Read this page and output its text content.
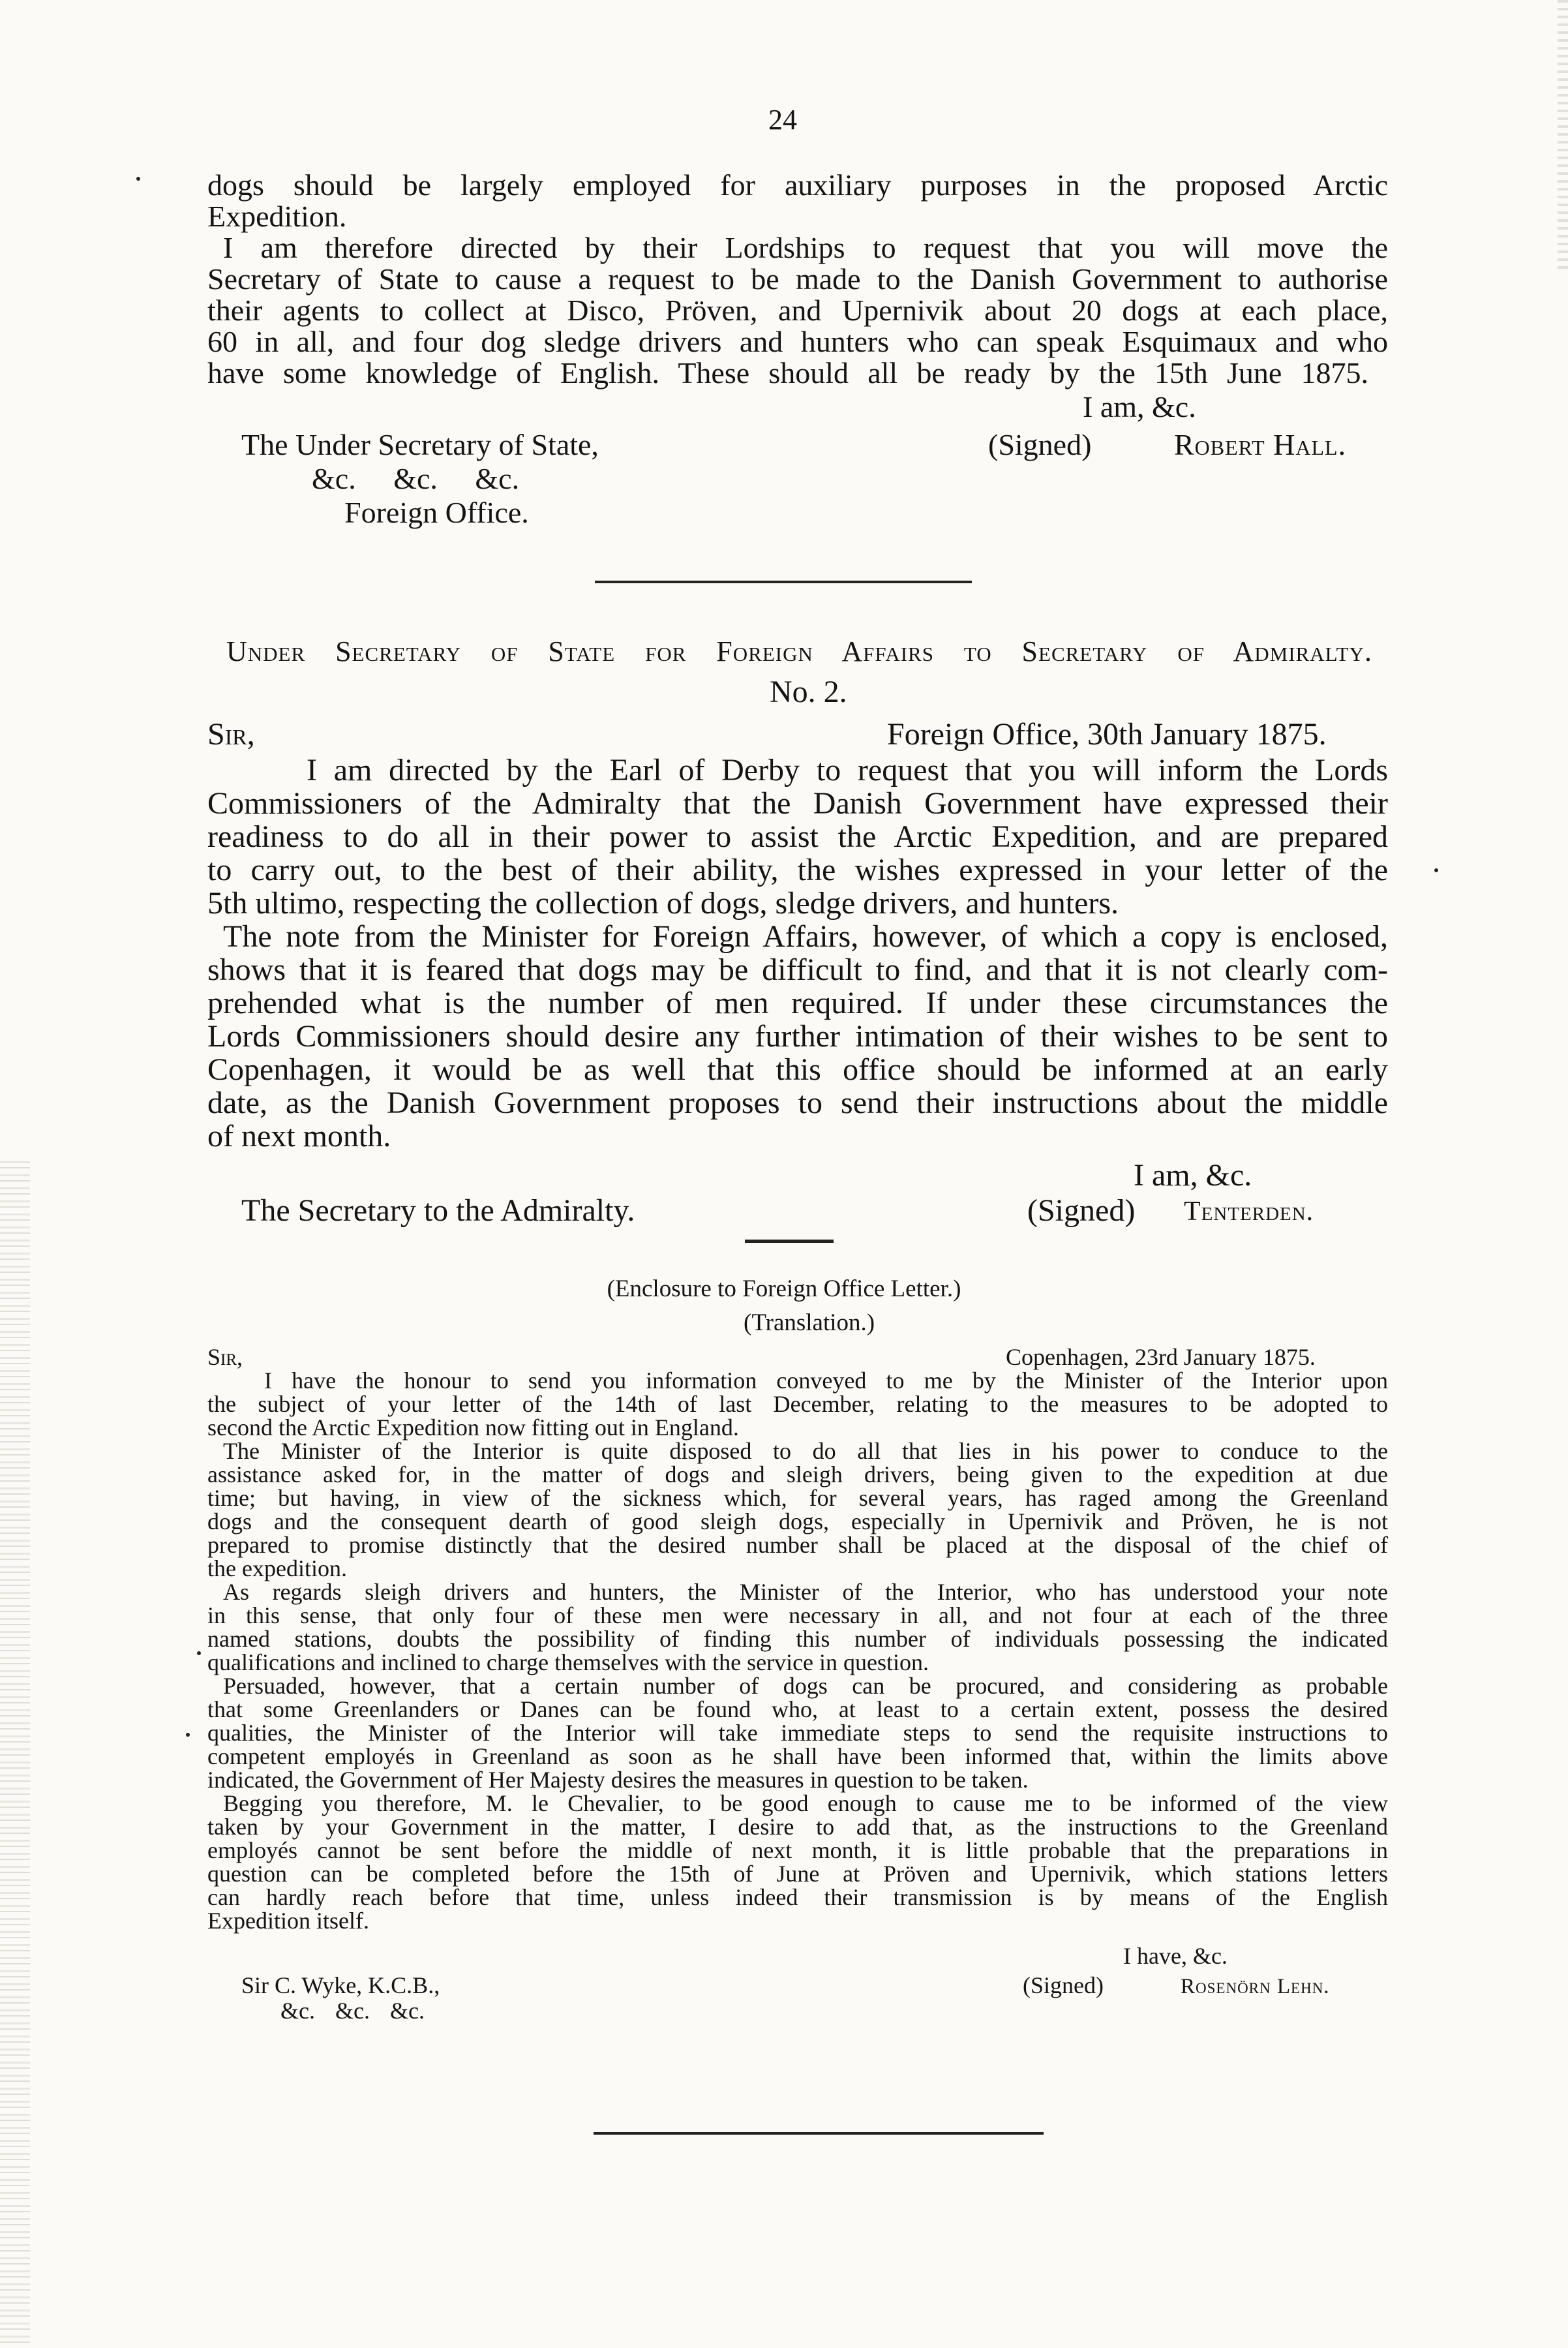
24
dogs should be largely employed for auxiliary purposes in the proposed Arctic
Expedition.
I am therefore directed by their Lordships to request that you will move the
Secretary of State to cause a request to be made to the Danish Government to authorise
their agents to collect at Disco, Pröven, and Upernivik about 20 dogs at each place,
60 in all, and four dog sledge drivers and hunters who can speak Esquimaux and who
have some knowledge of English. These should all be ready by the 15th June 1875.
I am, &c.
The Under Secretary of State,	(Signed)	Robert Hall.
&c. &c. &c.
Foreign Office.
Under Secretary of State for Foreign Affairs to Secretary of Admiralty.
No. 2.
Sir,	Foreign Office, 30th January 1875.
I am directed by the Earl of Derby to request that you will inform the Lords
Commissioners of the Admiralty that the Danish Government have expressed their
readiness to do all in their power to assist the Arctic Expedition, and are prepared
to carry out, to the best of their ability, the wishes expressed in your letter of the
5th ultimo, respecting the collection of dogs, sledge drivers, and hunters.
The note from the Minister for Foreign Affairs, however, of which a copy is enclosed,
shows that it is feared that dogs may be difficult to find, and that it is not clearly com-
prehended what is the number of men required. If under these circumstances the
Lords Commissioners should desire any further intimation of their wishes to be sent to
Copenhagen, it would be as well that this office should be informed at an early
date, as the Danish Government proposes to send their instructions about the middle
of next month.
I am, &c.
The Secretary to the Admiralty.	(Signed)	Tenterden.
(Enclosure to Foreign Office Letter.)
(Translation.)
Sir,	Copenhagen, 23rd January 1875.
I have the honour to send you information conveyed to me by the Minister of the Interior upon
the subject of your letter of the 14th of last December, relating to the measures to be adopted to
second the Arctic Expedition now fitting out in England.
The Minister of the Interior is quite disposed to do all that lies in his power to conduce to the
assistance asked for, in the matter of dogs and sleigh drivers, being given to the expedition at due
time; but having, in view of the sickness which, for several years, has raged among the Greenland
dogs and the consequent dearth of good sleigh dogs, especially in Upernivik and Pröven, he is not
prepared to promise distinctly that the desired number shall be placed at the disposal of the chief of
the expedition.
As regards sleigh drivers and hunters, the Minister of the Interior, who has understood your note
in this sense, that only four of these men were necessary in all, and not four at each of the three
named stations, doubts the possibility of finding this number of individuals possessing the indicated
qualifications and inclined to charge themselves with the service in question.
Persuaded, however, that a certain number of dogs can be procured, and considering as probable
that some Greenlanders or Danes can be found who, at least to a certain extent, possess the desired
qualities, the Minister of the Interior will take immediate steps to send the requisite instructions to
competent employés in Greenland as soon as he shall have been informed that, within the limits above
indicated, the Government of Her Majesty desires the measures in question to be taken.
Begging you therefore, M. le Chevalier, to be good enough to cause me to be informed of the view
taken by your Government in the matter, I desire to add that, as the instructions to the Greenland
employés cannot be sent before the middle of next month, it is little probable that the preparations in
question can be completed before the 15th of June at Pröven and Upernivik, which stations letters
can hardly reach before that time, unless indeed their transmission is by means of the English
Expedition itself.
I have, &c.
Sir C. Wyke, K.C.B.,	(Signed)	Rosenörn Lehn.
&c. &c. &c.
